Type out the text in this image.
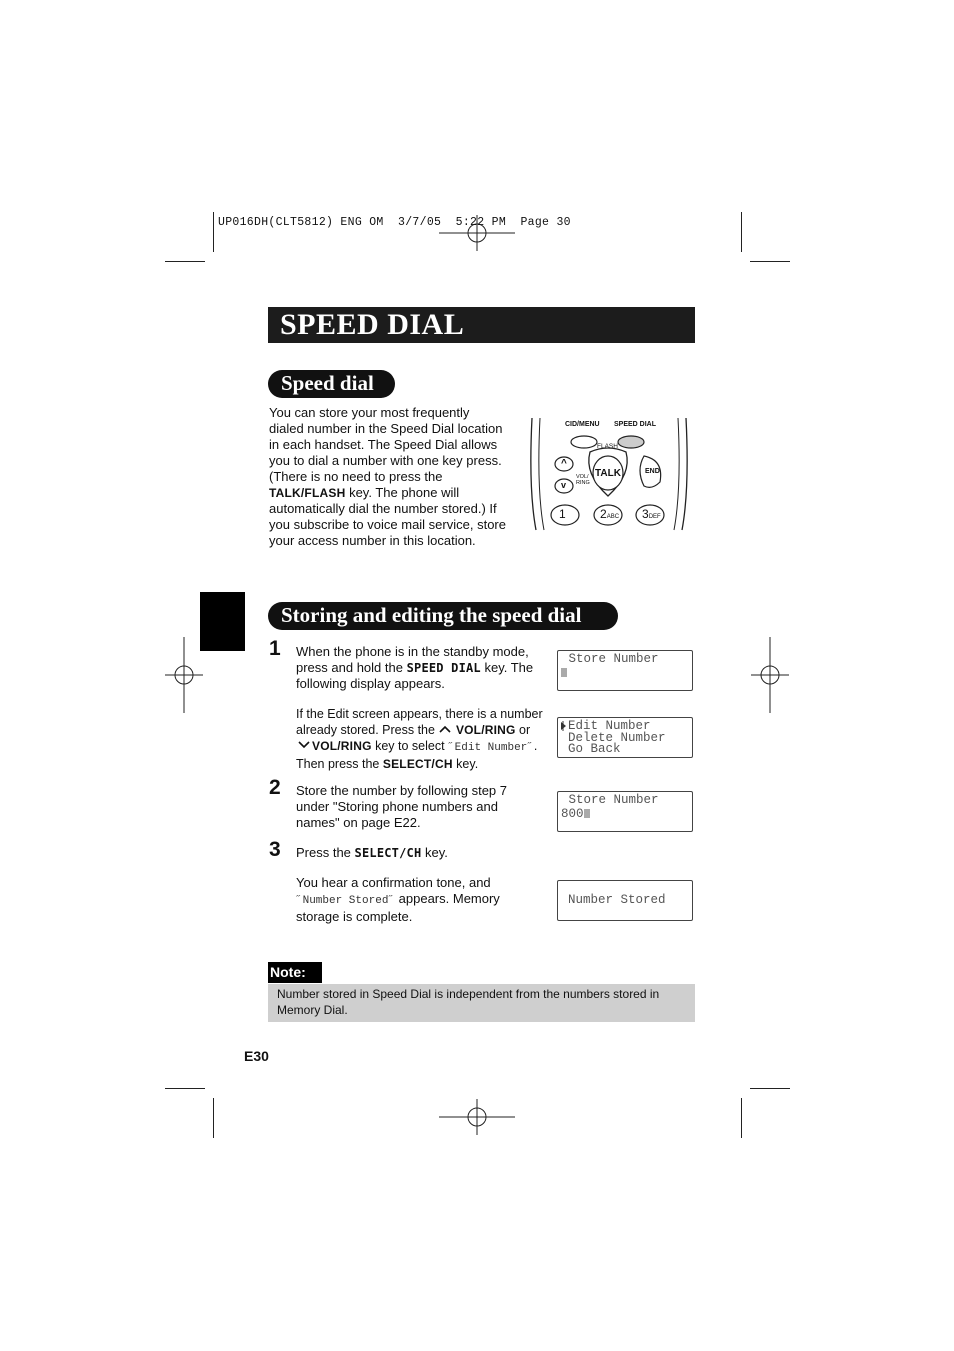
UP016DH(CLT5812) ENG OM  3/7/05  5:22 PM  Page 30
SPEED DIAL
Speed dial
You can store your most frequently
dialed number in the Speed Dial location
in each handset. The Speed Dial allows
you to dial a number with one key press.
(There is no need to press the
TALK/FLASH key. The phone will
automatically dial the number stored.) If
you subscribe to voice mail service, store
your access number in this location.
CID/MENU SPEED DIAL
FLASH
TALK	END
^
v
VOL/
RING
1	2ABC 3DEF
Storing and editing the speed dial
1 When the phone is in the standby mode,
press and hold the SPEED DIAL key. The
following display appears.
If the Edit screen appears, there is a number
already stored. Press the VOL/RING or
VOL/RING key to select ˝Edit Number˝.
Then press the SELECT/CH key.
2 Store the number by following step 7
under "Storing phone numbers and
names" on page E22.
3 Press the SELECT/CH key.
You hear a confirmation tone, and
˝Number Stored˝ appears. Memory
storage is complete.
Store Number
Edit Number
Delete Number
Go Back
Store Number
800
Number Stored
Note:
Number stored in Speed Dial is independent from the numbers stored in Memory Dial.
E30
